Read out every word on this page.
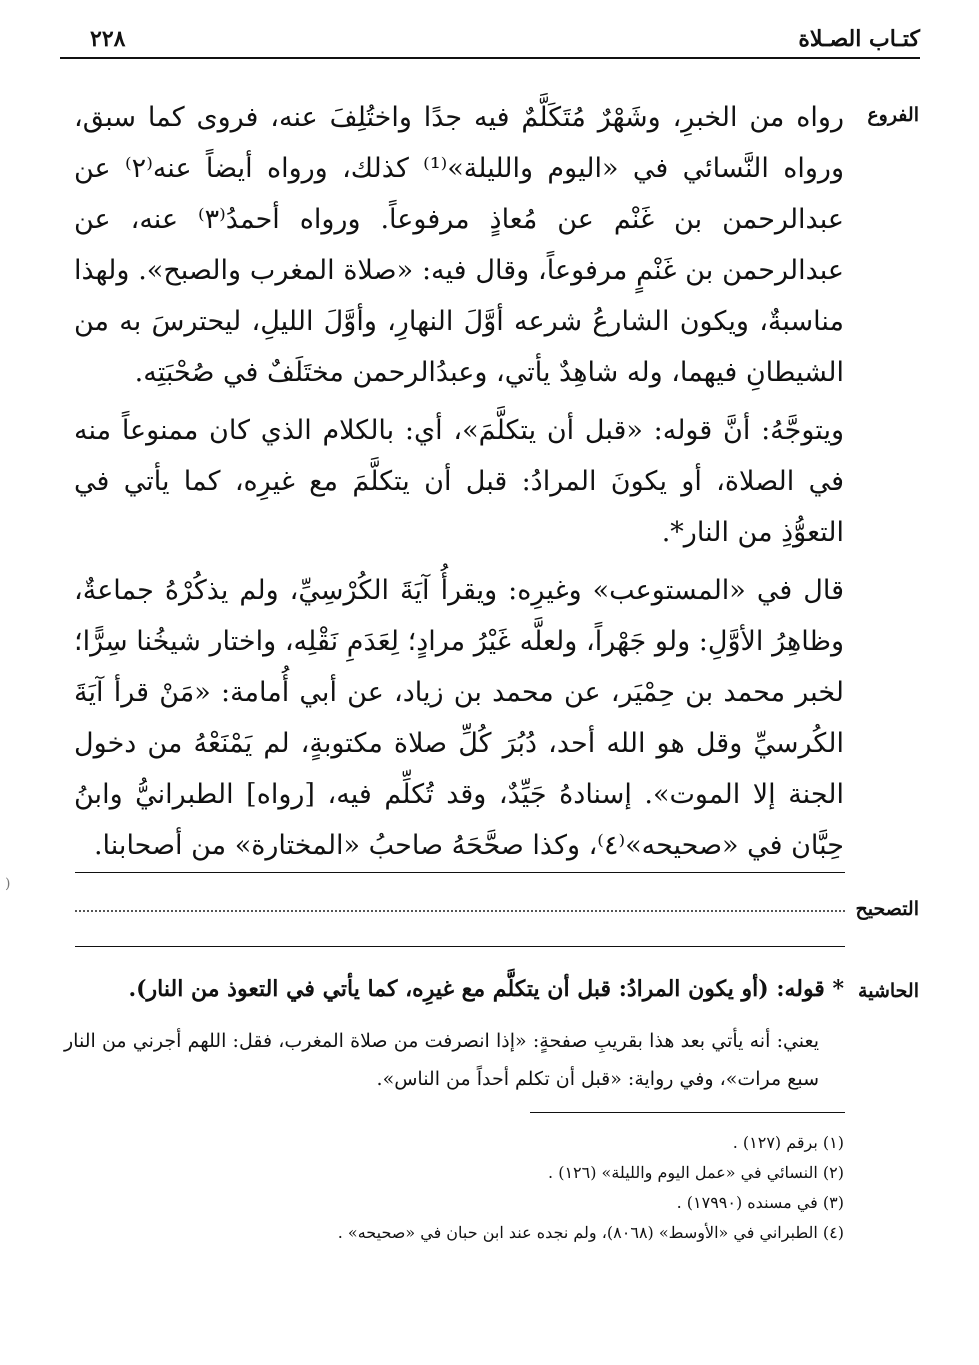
كتـاب الصـلاة
٢٢٨
الفروع

رواه من الخبرِ، وشَهْرٌ مُتَكَلَّمٌ فيه جدًا واختُلِفَ عنه، فروى كما سبق، ورواه النَّسائي في «اليوم والليلة»⁽¹⁾ كذلك، ورواه أيضاً عنه⁽٢⁾ عن عبدالرحمن بن غَنْم عن مُعاذٍ مرفوعاً. ورواه أحمدُ⁽٣⁾ عنه، عن عبدالرحمن بن غَنْمٍ مرفوعاً، وقال فيه: «صلاة المغرب والصبح». ولهذا مناسبةٌ، ويكون الشارعُ شرعه أوَّلَ النهارِ، وأوَّلَ الليلِ، ليحترسَ به من الشيطانِ فيهما، وله شاهِدٌ يأتي، وعبدُالرحمن مختَلَفٌ في صُحْبَتِه.

ويتوجَّهُ: أنَّ قوله: «قبل أن يتكلَّمَ»، أي: بالكلام الذي كان ممنوعاً منه في الصلاة، أو يكونَ المرادُ: قبل أن يتكلَّمَ مع غيرِه، كما يأتي في التعوُّذِ من النار*.

قال في «المستوعب» وغيرِه: ويقرأُ آيَةَ الكُرْسِيِّ، ولم يذكُرْهُ جماعةٌ، وظاهِرُ الأوَّلِ: ولو جَهْراً، ولعلَّه غَيْرُ مرادٍ؛ لِعَدَمِ نَقْلِه، واختار شيخُنا سِرًّا؛ لخبر محمد بن حِمْيَر، عن محمد بن زياد، عن أبي أُمامة: «مَنْ قرأ آيَةَ الكُرسيِّ وقل هو الله أحد، دُبُرَ كُلِّ صلاة مكتوبةٍ، لم يَمْنَعْهُ من دخول الجنة إلا الموت». إسنادهُ جَيِّدٌ، وقد تُكلِّم فيه، [رواه] الطبرانيُّ وابنُ حِبَّان في «صحيحه»⁽٤⁾، وكذا صحَّحَهُ صاحبُ «المختارة» من أصحابنا.

التصحيح
الحاشية
* قوله: (أو يكون المرادُ: قبل أن يتكلَّم مع غيرِه، كما يأتي في التعوذ من النار).

يعني: أنه يأتي بعد هذا بقريبِ صفحةٍ: «إذا انصرفت من صلاة المغرب، فقل: اللهم أجرني من النار سبع مرات»، وفي رواية: «قبل أن تكلم أحداً من الناس».

(١) برقم (١٢٧) .
(٢) النسائي في «عمل اليوم والليلة» (١٢٦) .
(٣) في مسنده (١٧٩٩٠) .
(٤) الطبراني في «الأوسط» (٨٠٦٨)، ولم نجده عند ابن حبان في «صحيحه» .
(
